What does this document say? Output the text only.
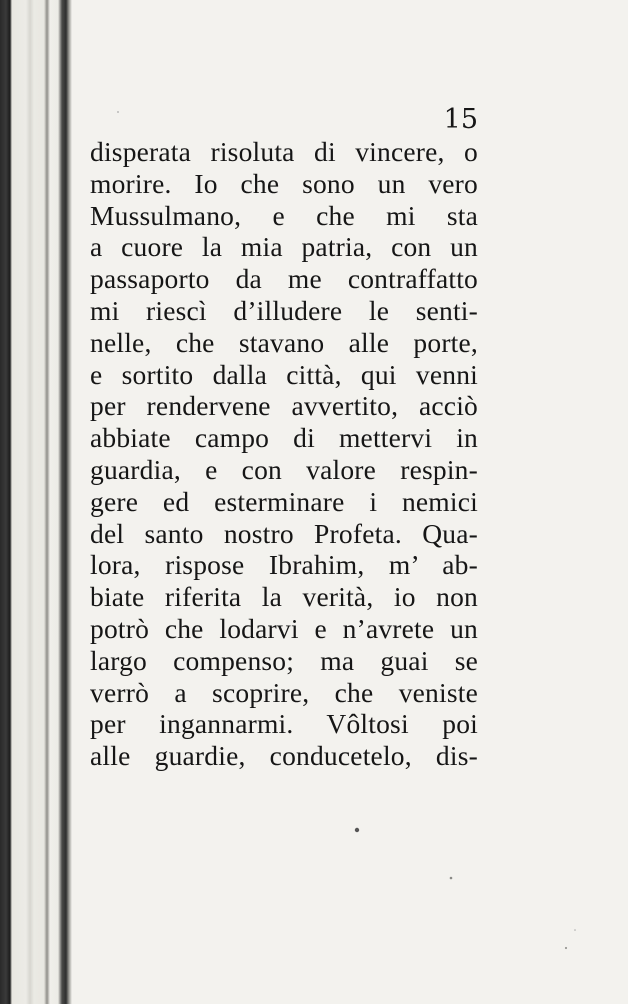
15

disperata risoluta di vincere, o
morire. Io che sono un vero
Mussulmano, e che mi sta
a cuore la mia patria, con un
passaporto da me contraffatto
mi riescì d’illudere le senti-
nelle, che stavano alle porte,
e sortito dalla città, qui venni
per rendervene avvertito, acciò
abbiate campo di mettervi in
guardia, e con valore respin-
gere ed esterminare i nemici
del santo nostro Profeta. Qua-
lora, rispose Ibrahim, m’ ab-
biate riferita la verità, io non
potrò che lodarvi e n’avrete un
largo compenso; ma guai se
verrò a scoprire, che veniste
per ingannarmi. Vôltosi poi
alle guardie, conducetelo, dis-
